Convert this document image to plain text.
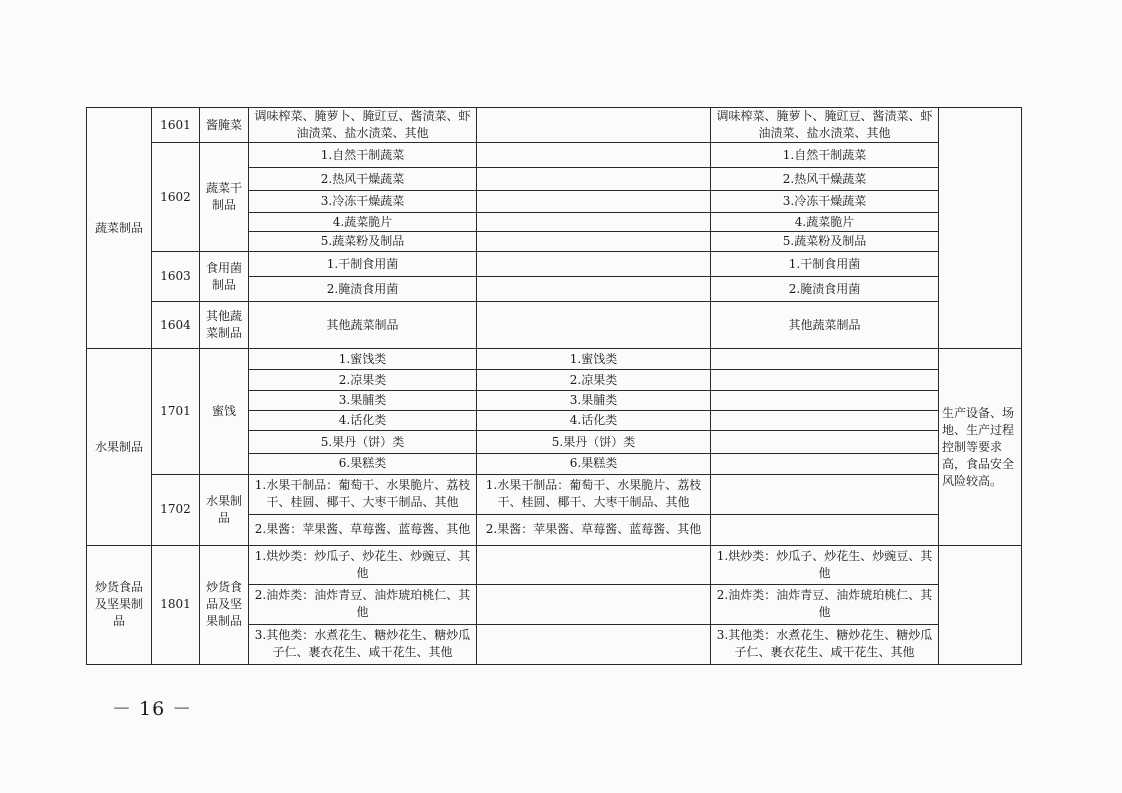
蔬菜制品	1601	酱腌菜	调味榨菜、腌萝卜、腌豇豆、酱渍菜、虾油渍菜、盐水渍菜、其他		调味榨菜、腌萝卜、腌豇豆、酱渍菜、虾油渍菜、盐水渍菜、其他	
	1602	蔬菜干制品	1.自然干制蔬菜		1.自然干制蔬菜	
			2.热风干燥蔬菜		2.热风干燥蔬菜	
			3.冷冻干燥蔬菜		3.冷冻干燥蔬菜	
			4.蔬菜脆片		4.蔬菜脆片	
			5.蔬菜粉及制品		5.蔬菜粉及制品	
	1603	食用菌制品	1.干制食用菌		1.干制食用菌	
			2.腌渍食用菌		2.腌渍食用菌	
	1604	其他蔬菜制品	其他蔬菜制品		其他蔬菜制品	
水果制品	1701	蜜饯	1.蜜饯类	1.蜜饯类		生产设备、场地、生产过程控制等要求高，食品安全风险较高。
			2.凉果类	2.凉果类		
			3.果脯类	3.果脯类		
			4.话化类	4.话化类		
			5.果丹（饼）类	5.果丹（饼）类		
			6.果糕类	6.果糕类		
	1702	水果制品	1.水果干制品：葡萄干、水果脆片、荔枝干、桂圆、椰干、大枣干制品、其他	1.水果干制品：葡萄干、水果脆片、荔枝干、桂圆、椰干、大枣干制品、其他		
			2.果酱：苹果酱、草莓酱、蓝莓酱、其他	2.果酱：苹果酱、草莓酱、蓝莓酱、其他		
炒货食品及坚果制品	1801	炒货食品及坚果制品	1.烘炒类：炒瓜子、炒花生、炒豌豆、其他		1.烘炒类：炒瓜子、炒花生、炒豌豆、其他	
			2.油炸类：油炸青豆、油炸琥珀桃仁、其他		2.油炸类：油炸青豆、油炸琥珀桃仁、其他	
			3.其他类：水煮花生、糖炒花生、糖炒瓜子仁、裹衣花生、咸干花生、其他		3.其他类：水煮花生、糖炒花生、糖炒瓜子仁、裹衣花生、咸干花生、其他	
－ 16 －
